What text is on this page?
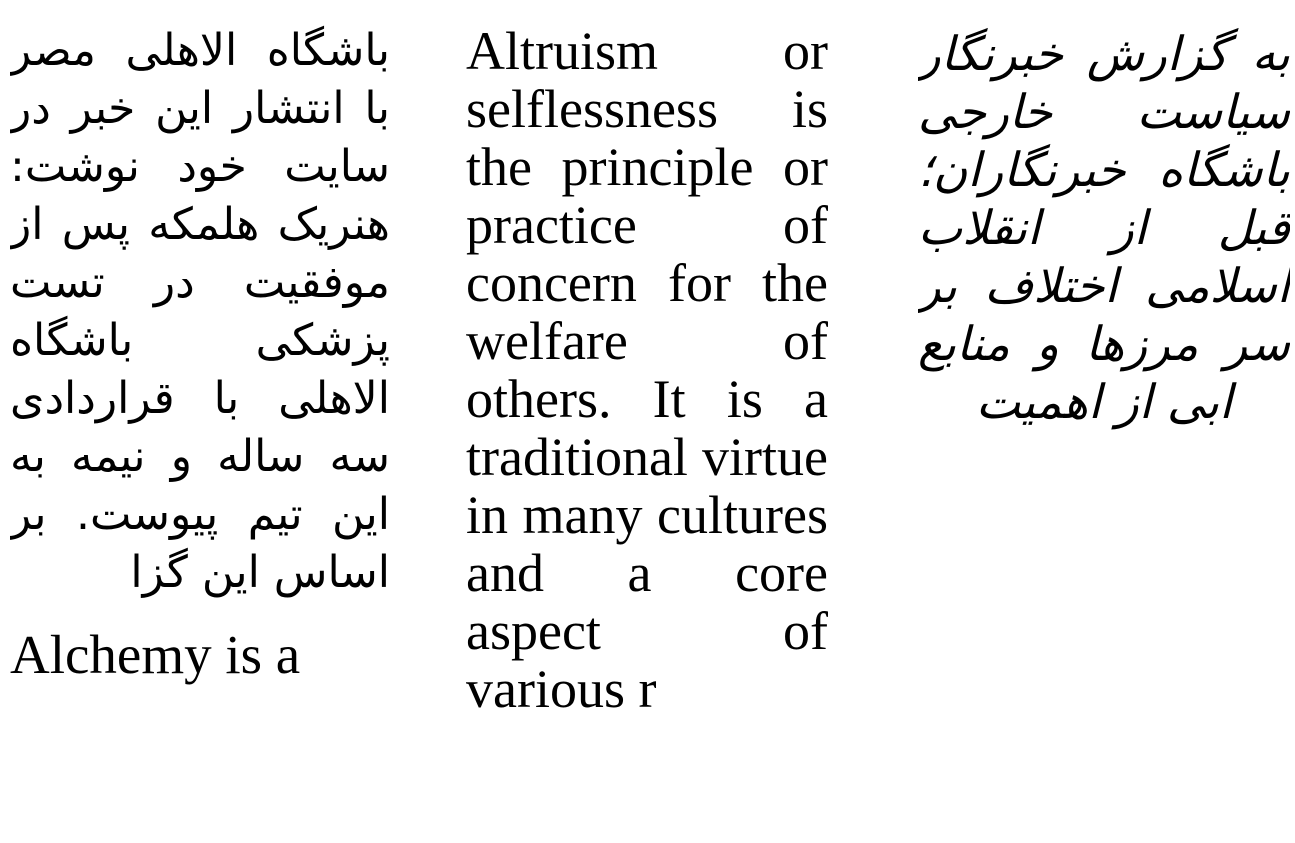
باشگاه الاهلی مصر با انتشار این خبر در سایت خود نوشت: هنریک هلمکه پس از موفقیت در تست پزشکی باشگاه الاهلی با قراردادی سه ساله و نیمه به این تیم پیوست. بر اساس این گزا
Alchemy is a
Altruism or selflessness is the principle or practice of concern for the welfare of others. It is a traditional virtue in many cultures and a core aspect of various r
به گزارش خبرنگار سیاست خارجی باشگاه خبرنگاران؛ قبل از انقلاب اسلامی اختلاف بر سر مرزها و منابع ابی از اهمیت
